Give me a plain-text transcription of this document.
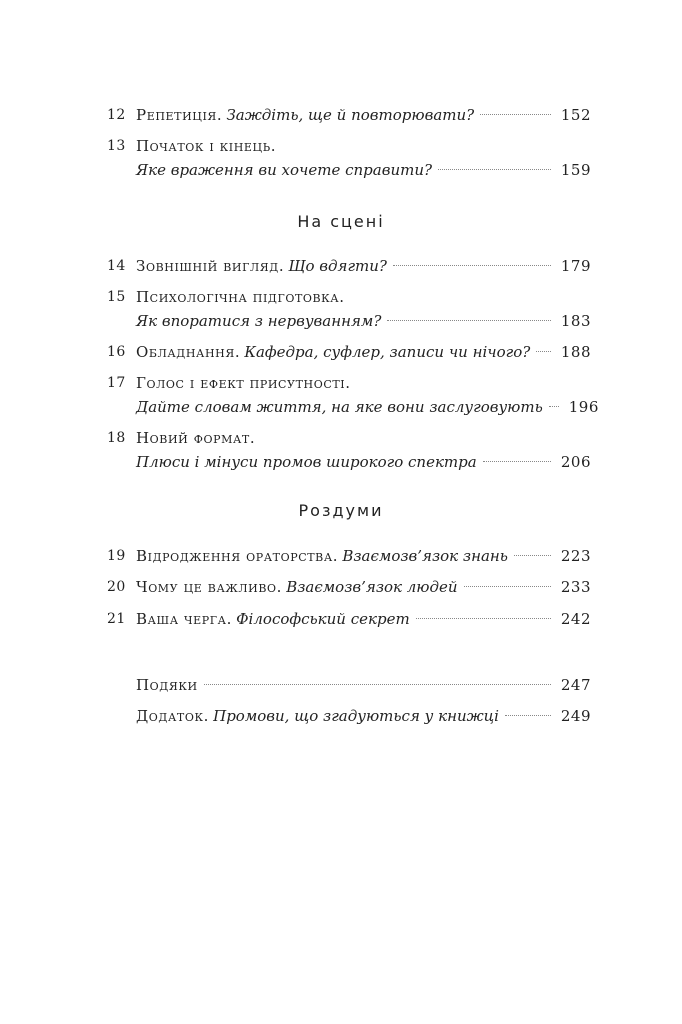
12 Репетиція . Заждіть, ще й повторювати?	152
13 Початок і кінець .
Яке враження ви хочете справити?	159
На сцені
14 Зовнішній вигляд . Що вдягти?	179
15 Психологічна підготовка .
Як впоратися з нервуванням?	183
16 Обладнання . Кафедра, суфлер, записи чи нічого? 188
17 Голос і ефект присутності .
Дайте словам життя, на яке вони заслуговують 196
18 Новий формат .
Плюси і мінуси промов широкого спектра	206
Роздуми
19 Відродження ораторства . Взаємозв’язок знань	223
20 Чому це важливо . Взаємозв’язок людей	233
21 Ваша черга . Філософський секрет	242
Подяки	247
Додаток . Промови, що згадуються у книжці	249
